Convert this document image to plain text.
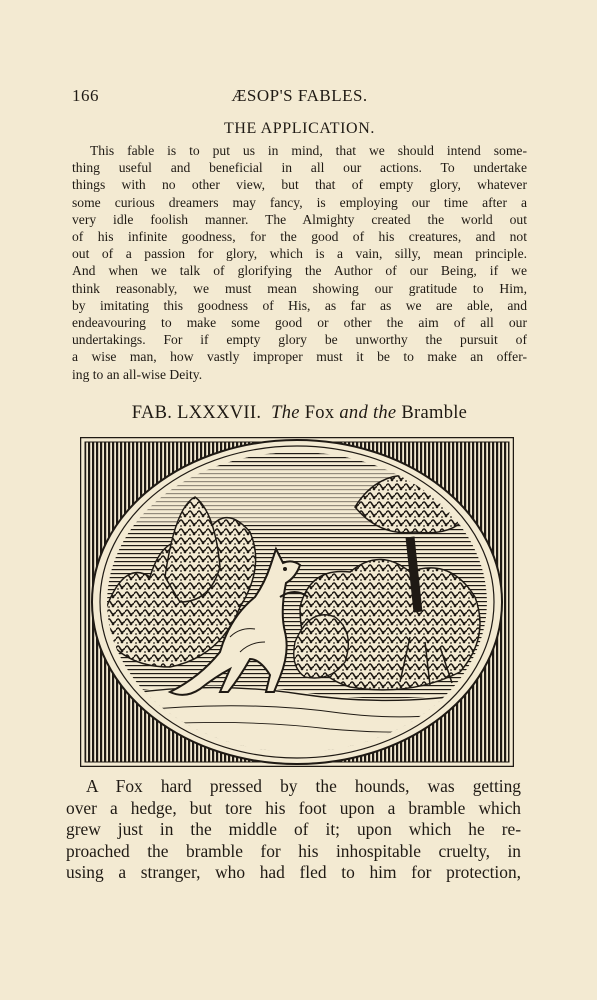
166	ÆSOP'S FABLES.
THE APPLICATION.
This fable is to put us in mind, that we should intend some-
thing useful and beneficial in all our actions. To undertake
things with no other view, but that of empty glory, whatever
some curious dreamers may fancy, is employing our time after a
very idle foolish manner. The Almighty created the world out
of his infinite goodness, for the good of his creatures, and not
out of a passion for glory, which is a vain, silly, mean principle.
And when we talk of glorifying the Author of our Being, if we
think reasonably, we must mean showing our gratitude to Him,
by imitating this goodness of His, as far as we are able, and
endeavouring to make some good or other the aim of all our
undertakings. For if empty glory be unworthy the pursuit of
a wise man, how vastly improper must it be to make an offer-
ing to an all-wise Deity.
FAB. LXXXVII. The Fox and the Bramble
A Fox hard pressed by the hounds, was getting
over a hedge, but tore his foot upon a bramble which
grew just in the middle of it; upon which he re-
proached the bramble for his inhospitable cruelty, in
using a stranger, who had fled to him for protection,
